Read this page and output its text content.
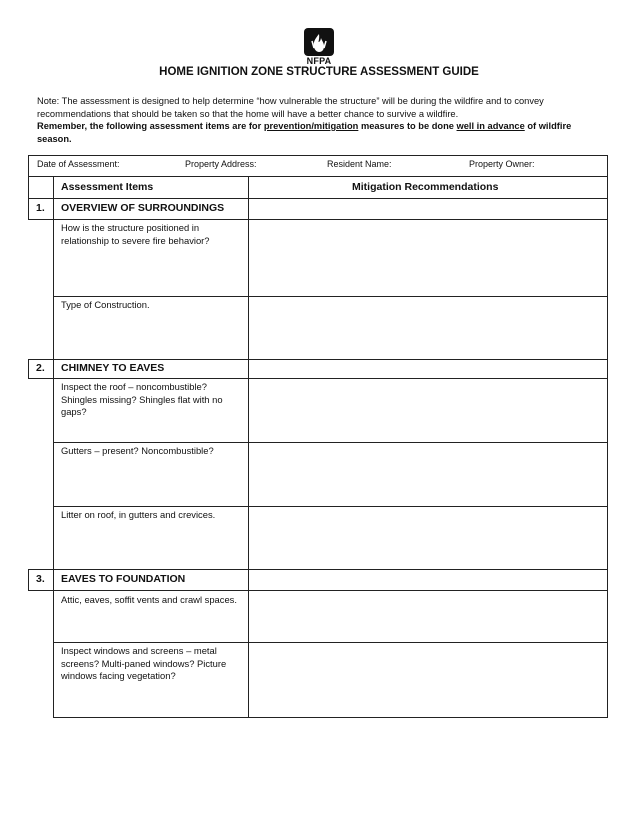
NFPA
HOME IGNITION ZONE STRUCTURE ASSESSMENT GUIDE
Note: The assessment is designed to help determine “how vulnerable the structure” will be during the wildfire and to convey
recommendations that should be taken so that the home will have a better chance to survive a wildfire.
Remember, the following assessment items are for prevention/mitigation measures to be done well in advance of wildfire
season.
Date of Assessment:	Property Address:	Resident Name:	Property Owner:
Assessment Items	Mitigation Recommendations
1. OVERVIEW OF SURROUNDINGS
How is the structure positioned in relationship to severe fire behavior?
Type of Construction.
2. CHIMNEY TO EAVES
Inspect the roof – noncombustible? Shingles missing? Shingles flat with no gaps?
Gutters – present? Noncombustible?
Litter on roof, in gutters and crevices.
3. EAVES TO FOUNDATION
Attic, eaves, soffit vents and crawl spaces.
Inspect windows and screens – metal screens? Multi-paned windows? Picture windows facing vegetation?
